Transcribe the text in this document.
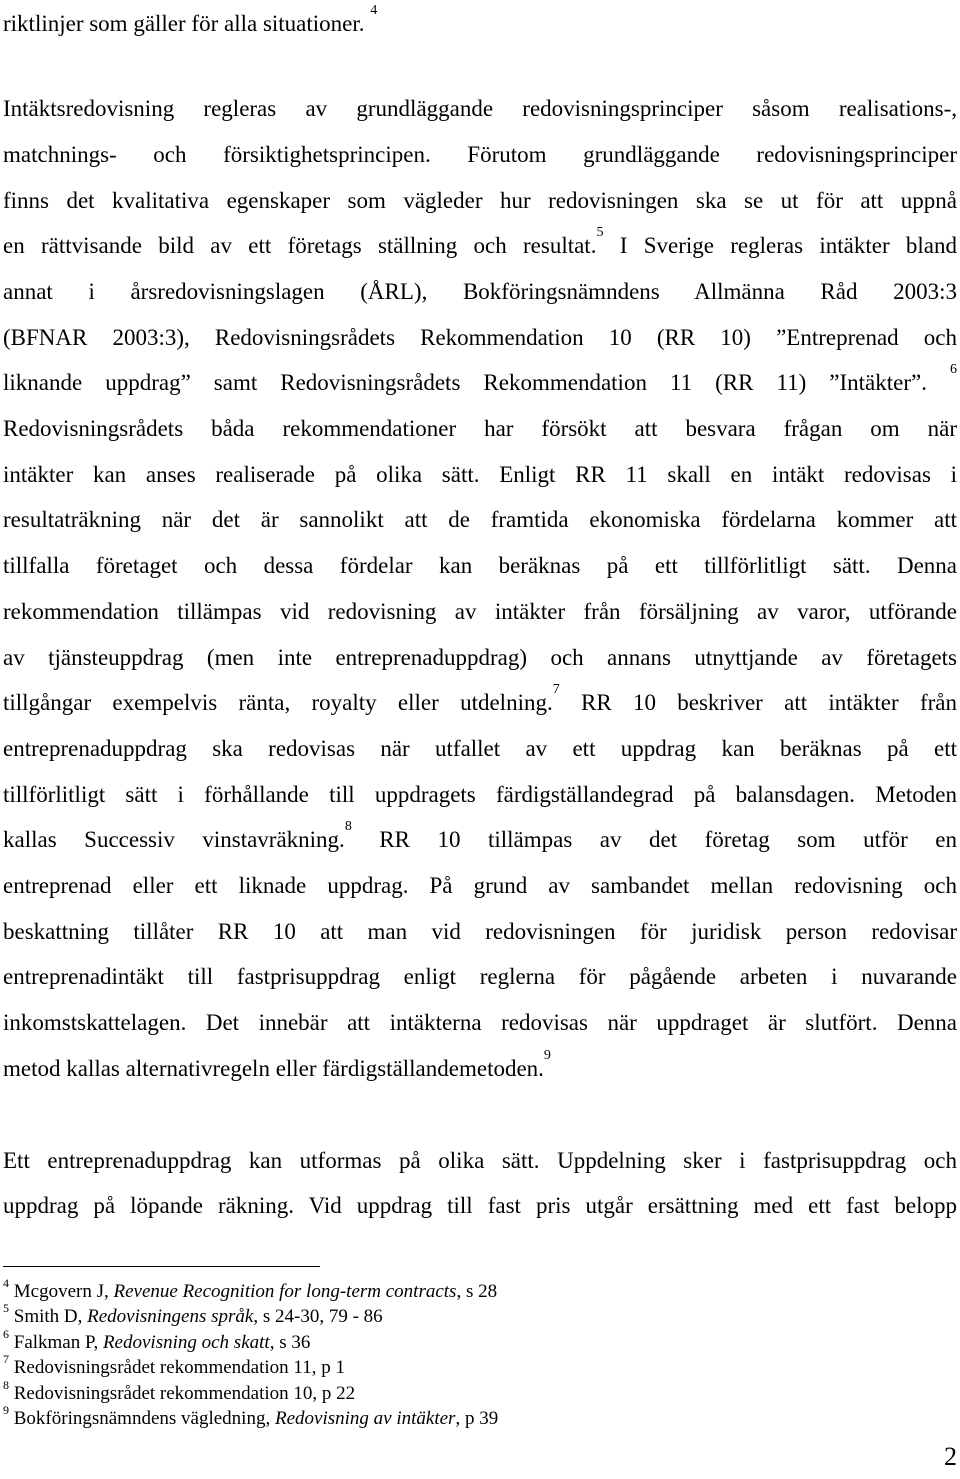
riktlinjer som gäller för alla situationer. $^4$
Intäktsredovisning regleras av grundläggande redovisningsprinciper såsom realisations-,
matchnings- och försiktighetsprincipen. Förutom grundläggande redovisningsprinciper
finns det kvalitativa egenskaper som vägleder hur redovisningen ska se ut för att uppnå
en rättvisande bild av ett företags ställning och resultat.$^5$ I Sverige regleras intäkter bland
annat i årsredovisningslagen (ÅRL), Bokföringsnämndens Allmänna Råd 2003:3
(BFNAR 2003:3), Redovisningsrådets Rekommendation 10 (RR 10) ”Entreprenad och
liknande uppdrag” samt Redovisningsrådets Rekommendation 11 (RR 11) ”Intäkter”. $^6$
Redovisningsrådets båda rekommendationer har försökt att besvara frågan om när
intäkter kan anses realiserade på olika sätt. Enligt RR 11 skall en intäkt redovisas i
resultaträkning när det är sannolikt att de framtida ekonomiska fördelarna kommer att
tillfalla företaget och dessa fördelar kan beräknas på ett tillförlitligt sätt. Denna
rekommendation tillämpas vid redovisning av intäkter från försäljning av varor, utförande
av tjänsteuppdrag (men inte entreprenaduppdrag) och annans utnyttjande av företagets
tillgångar exempelvis ränta, royalty eller utdelning.$^7$ RR 10 beskriver att intäkter från
entreprenaduppdrag ska redovisas när utfallet av ett uppdrag kan beräknas på ett
tillförlitligt sätt i förhållande till uppdragets färdigställandegrad på balansdagen. Metoden
kallas Successiv vinstavräkning.$^8$ RR 10 tillämpas av det företag som utför en
entreprenad eller ett liknade uppdrag. På grund av sambandet mellan redovisning och
beskattning tillåter RR 10 att man vid redovisningen för juridisk person redovisar
entreprenadintäkt till fastprisuppdrag enligt reglerna för pågående arbeten i nuvarande
inkomstskattelagen. Det innebär att intäkterna redovisas när uppdraget är slutfört. Denna
metod kallas alternativregeln eller färdigställandemetoden.$^9$
Ett entreprenaduppdrag kan utformas på olika sätt. Uppdelning sker i fastprisuppdrag och
uppdrag på löpande räkning. Vid uppdrag till fast pris utgår ersättning med ett fast belopp
$^4$ Mcgovern J, Revenue Recognition for long-term contracts, s 28
$^5$ Smith D, Redovisningens språk, s 24-30, 79 - 86
$^6$ Falkman P, Redovisning och skatt, s 36
$^7$ Redovisningsrådet rekommendation 11, p 1
$^8$ Redovisningsrådet rekommendation 10, p 22
$^9$ Bokföringsnämndens vägledning, Redovisning av intäkter, p 39
2
